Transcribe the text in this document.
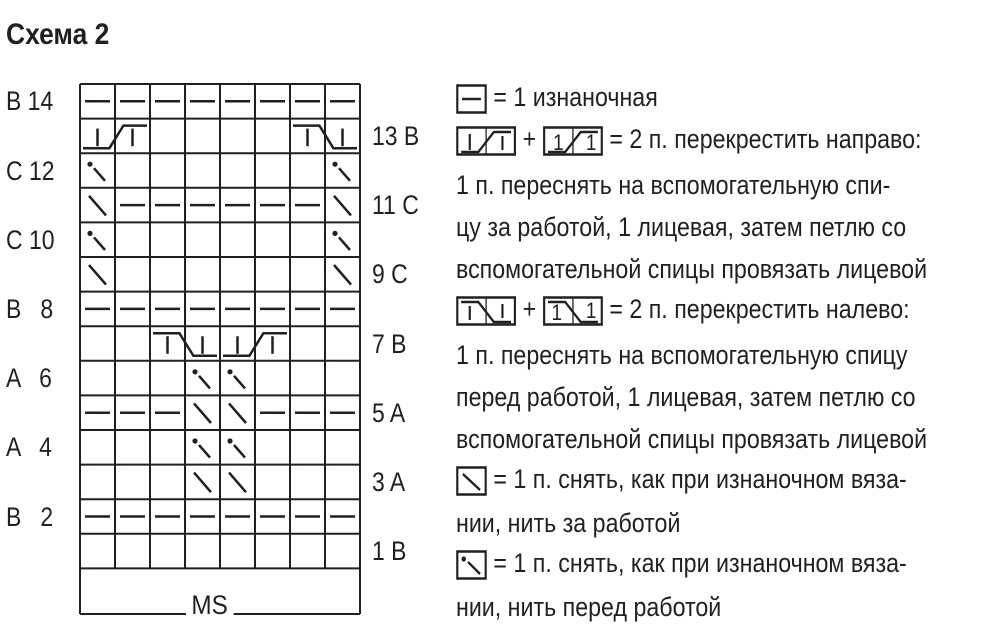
Схема 2
B 14
C 12
C 10
B   8
A   6
A   4
B   2
13 B
11 C
9 C
7 B
5 A
3 A
1 B
MS
= 1 изнаночная
+ 1 1 = 2 п. перекрестить направо:
1 п. переснять на вспомогательную спи-
цу за работой, 1 лицевая, затем петлю со
вспомогательной спицы провязать лицевой
+ 1 1 = 2 п. перекрестить налево:
1 п. переснять на вспомогательную спицу
перед работой, 1 лицевая, затем петлю со
вспомогательной спицы провязать лицевой
= 1 п. снять, как при изнаночном вяза-
нии, нить за работой
= 1 п. снять, как при изнаночном вяза-
нии, нить перед работой
